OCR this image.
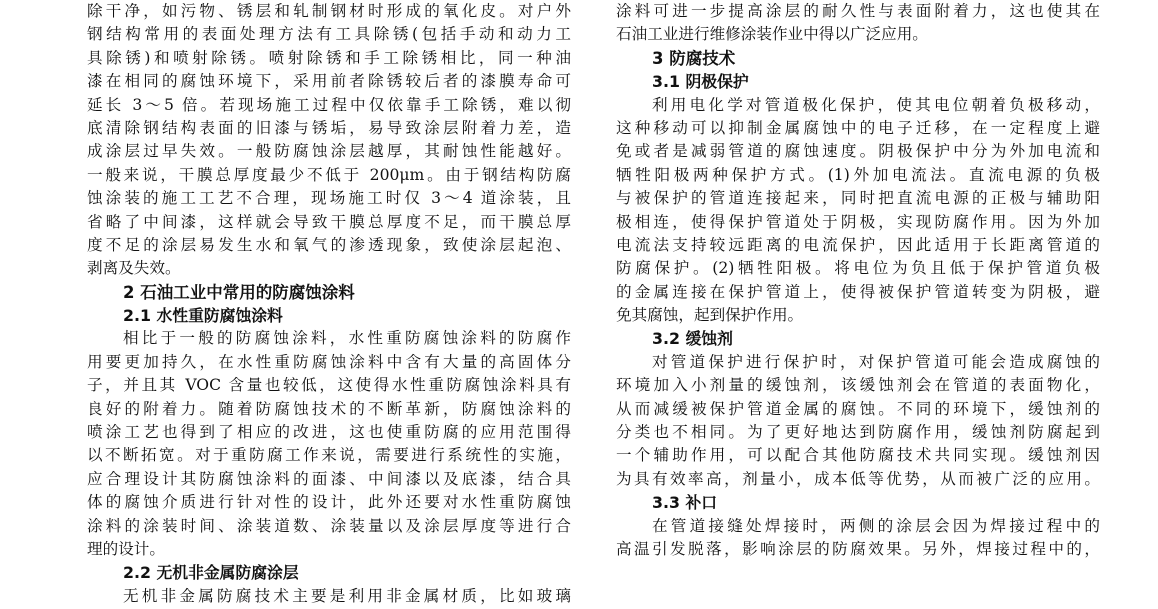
除干净，如污物、锈层和轧制钢材时形成的氧化皮。对户外
钢结构常用的表面处理方法有工具除锈(包括手动和动力工
具除锈)和喷射除锈。喷射除锈和手工除锈相比，同一种油
漆在相同的腐蚀环境下，采用前者除锈较后者的漆膜寿命可
延长 3～5 倍。若现场施工过程中仅依靠手工除锈，难以彻
底清除钢结构表面的旧漆与锈垢，易导致涂层附着力差，造
成涂层过早失效。一般防腐蚀涂层越厚，其耐蚀性能越好。
一般来说，干膜总厚度最少不低于 200μm。由于钢结构防腐
蚀涂装的施工工艺不合理，现场施工时仅 3～4 道涂装，且
省略了中间漆，这样就会导致干膜总厚度不足，而干膜总厚
度不足的涂层易发生水和氧气的渗透现象，致使涂层起泡、
剥离及失效。
2 石油工业中常用的防腐蚀涂料
2.1 水性重防腐蚀涂料
相比于一般的防腐蚀涂料，水性重防腐蚀涂料的防腐作
用要更加持久，在水性重防腐蚀涂料中含有大量的高固体分
子，并且其 VOC 含量也较低，这使得水性重防腐蚀涂料具有
良好的附着力。随着防腐蚀技术的不断革新，防腐蚀涂料的
喷涂工艺也得到了相应的改进，这也使重防腐的应用范围得
以不断拓宽。对于重防腐工作来说，需要进行系统性的实施，
应合理设计其防腐蚀涂料的面漆、中间漆以及底漆，结合具
体的腐蚀介质进行针对性的设计，此外还要对水性重防腐蚀
涂料的涂装时间、涂装道数、涂装量以及涂层厚度等进行合
理的设计。
2.2 无机非金属防腐涂层
无机非金属防腐技术主要是利用非金属材质，比如玻璃
涂料可进一步提高涂层的耐久性与表面附着力，这也使其在
石油工业进行维修涂装作业中得以广泛应用。
3 防腐技术
3.1 阴极保护
利用电化学对管道极化保护，使其电位朝着负极移动，
这种移动可以抑制金属腐蚀中的电子迁移，在一定程度上避
免或者是减弱管道的腐蚀速度。阴极保护中分为外加电流和
牺牲阳极两种保护方式。(1)外加电流法。直流电源的负极
与被保护的管道连接起来，同时把直流电源的正极与辅助阳
极相连，使得保护管道处于阴极，实现防腐作用。因为外加
电流法支持较远距离的电流保护，因此适用于长距离管道的
防腐保护。(2)牺牲阳极。将电位为负且低于保护管道负极
的金属连接在保护管道上，使得被保护管道转变为阴极，避
免其腐蚀，起到保护作用。
3.2 缓蚀剂
对管道保护进行保护时，对保护管道可能会造成腐蚀的
环境加入小剂量的缓蚀剂，该缓蚀剂会在管道的表面物化，
从而减缓被保护管道金属的腐蚀。不同的环境下，缓蚀剂的
分类也不相同。为了更好地达到防腐作用，缓蚀剂防腐起到
一个辅助作用，可以配合其他防腐技术共同实现。缓蚀剂因
为具有效率高，剂量小，成本低等优势，从而被广泛的应用。
3.3 补口
在管道接缝处焊接时，两侧的涂层会因为焊接过程中的
高温引发脱落，影响涂层的防腐效果。另外，焊接过程中的，
